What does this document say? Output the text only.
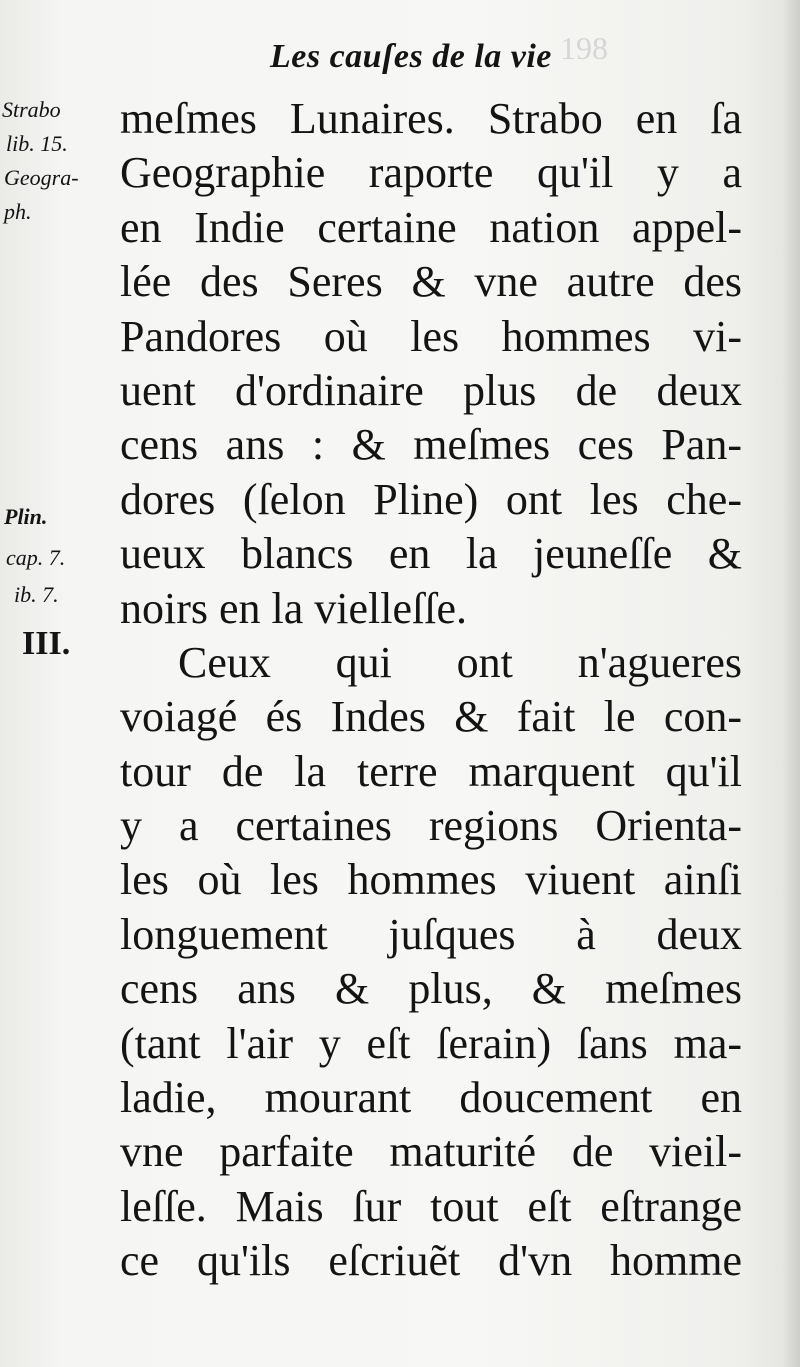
198
Les cauſes de la vie
Strabo
lib. 15.
Geogra-
ph.
Plin.
cap. 7.
ib. 7.
III.
meſmes Lunaires. Strabo en ſa
Geographie raporte qu'il y a
en Indie certaine nation appel-
lée des Seres & vne autre des
Pandores où les hommes vi-
uent d'ordinaire plus de deux
cens ans : & meſmes ces Pan-
dores (ſelon Pline) ont les che-
ueux blancs en la jeuneſſe &
noirs en la vielleſſe.
Ceux qui ont n'agueres
voiagé és Indes & fait le con-
tour de la terre marquent qu'il
y a certaines regions Orienta-
les où les hommes viuent ainſi
longuement juſques à deux
cens ans & plus, & meſmes
(tant l'air y eſt ſerain) ſans ma-
ladie, mourant doucement en
vne parfaite maturité de vieil-
leſſe. Mais ſur tout eſt eſtrange
ce qu'ils eſcriuẽt d'vn homme
